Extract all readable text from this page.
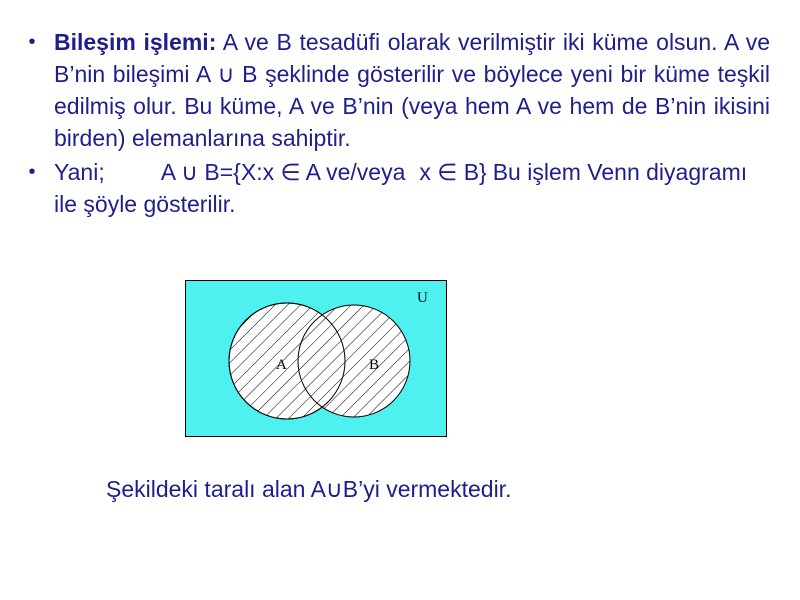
• Bileşim işlemi: A ve B tesadüfi olarak verilmiştir iki küme olsun. A ve B’nin bileşimi A ∪ B şeklinde gösterilir ve böylece yeni bir küme teşkil edilmiş olur. Bu küme, A ve B’nin (veya hem A ve hem de B’nin ikisini birden) elemanlarına sahiptir.
• Yani; A ∪ B={X:x ∈ A ve/veya x ∈ B} Bu işlem Venn diyagramı ile şöyle gösterilir.
U
A	B
Şekildeki taralı alan A∪B’yi vermektedir.
